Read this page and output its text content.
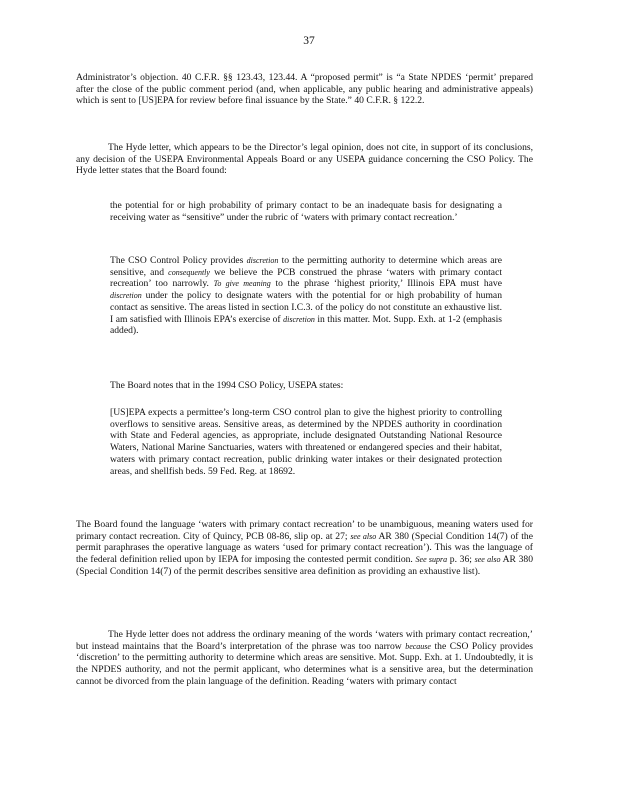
37

Administrator’s objection. 40 C.F.R. §§ 123.43, 123.44. A “proposed permit” is “a State NPDES ‘permit’ prepared after the close of the public comment period (and, when applicable, any public hearing and administrative appeals) which is sent to [US]EPA for review before final issuance by the State.” 40 C.F.R. § 122.2.

The Hyde letter, which appears to be the Director’s legal opinion, does not cite, in support of its conclusions, any decision of the USEPA Environmental Appeals Board or any USEPA guidance concerning the CSO Policy. The Hyde letter states that the Board found:

the potential for or high probability of primary contact to be an inadequate basis for designating a receiving water as “sensitive” under the rubric of ‘waters with primary contact recreation.’

The CSO Control Policy provides discretion to the permitting authority to determine which areas are sensitive, and consequently we believe the PCB construed the phrase ‘waters with primary contact recreation’ too narrowly. To give meaning to the phrase ‘highest priority,’ Illinois EPA must have discretion under the policy to designate waters with the potential for or high probability of human contact as sensitive. The areas listed in section I.C.3. of the policy do not constitute an exhaustive list. I am satisfied with Illinois EPA’s exercise of discretion in this matter. Mot. Supp. Exh. at 1-2 (emphasis added).

The Board notes that in the 1994 CSO Policy, USEPA states:

[US]EPA expects a permittee’s long-term CSO control plan to give the highest priority to controlling overflows to sensitive areas. Sensitive areas, as determined by the NPDES authority in coordination with State and Federal agencies, as appropriate, include designated Outstanding National Resource Waters, National Marine Sanctuaries, waters with threatened or endangered species and their habitat, waters with primary contact recreation, public drinking water intakes or their designated protection areas, and shellfish beds. 59 Fed. Reg. at 18692.

The Board found the language ‘waters with primary contact recreation’ to be unambiguous, meaning waters used for primary contact recreation. City of Quincy, PCB 08-86, slip op. at 27; see also AR 380 (Special Condition 14(7) of the permit paraphrases the operative language as waters ‘used for primary contact recreation’). This was the language of the federal definition relied upon by IEPA for imposing the contested permit condition. See supra p. 36; see also AR 380 (Special Condition 14(7) of the permit describes sensitive area definition as providing an exhaustive list).

The Hyde letter does not address the ordinary meaning of the words ‘waters with primary contact recreation,’ but instead maintains that the Board’s interpretation of the phrase was too narrow because the CSO Policy provides ‘discretion’ to the permitting authority to determine which areas are sensitive. Mot. Supp. Exh. at 1. Undoubtedly, it is the NPDES authority, and not the permit applicant, who determines what is a sensitive area, but the determination cannot be divorced from the plain language of the definition. Reading ‘waters with primary contact
